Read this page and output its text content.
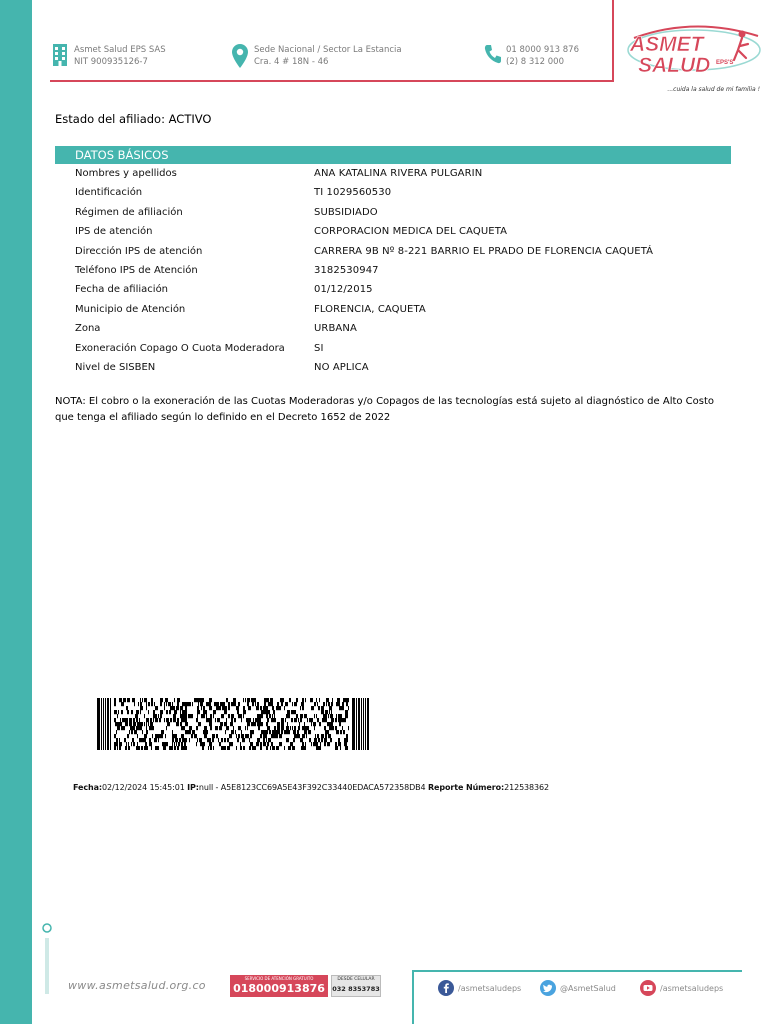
Asmet Salud EPS SAS
NIT 900935126-7
Sede Nacional / Sector La Estancia
Cra. 4 # 18N - 46
01 8000 913 876
(2) 8 312 000
ASMET
SALUD EPS'S
...cuida la salud de mi familia !
Estado del afiliado: ACTIVO
DATOS BÁSICOS
Nombres y apellidos	ANA KATALINA RIVERA PULGARIN
Identificación	TI 1029560530
Régimen de afiliación	SUBSIDIADO
IPS de atención	CORPORACION MEDICA DEL CAQUETA
Dirección IPS de atención	CARRERA 9B Nº 8-221 BARRIO EL PRADO DE FLORENCIA CAQUETÁ
Teléfono IPS de Atención	3182530947
Fecha de afiliación	01/12/2015
Municipio de Atención	FLORENCIA, CAQUETA
Zona	URBANA
Exoneración Copago O Cuota Moderadora	SI
Nivel de SISBEN	NO APLICA
NOTA: El cobro o la exoneración de las Cuotas Moderadoras y/o Copagos de las tecnologías está sujeto al diagnóstico de Alto Costo que tenga el afiliado según lo definido en el Decreto 1652 de 2022
Fecha:02/12/2024 15:45:01 IP:null - A5E8123CC69A5E43F392C33440EDACA572358DB4 Reporte Número:212538362
www.asmetsalud.org.co
SERVICIO DE ATENCIÓN GRATUITO
018000913876
DESDE CELULAR
032 8353783	/asmetsaludeps	@AsmetSalud	/asmetsaludeps
